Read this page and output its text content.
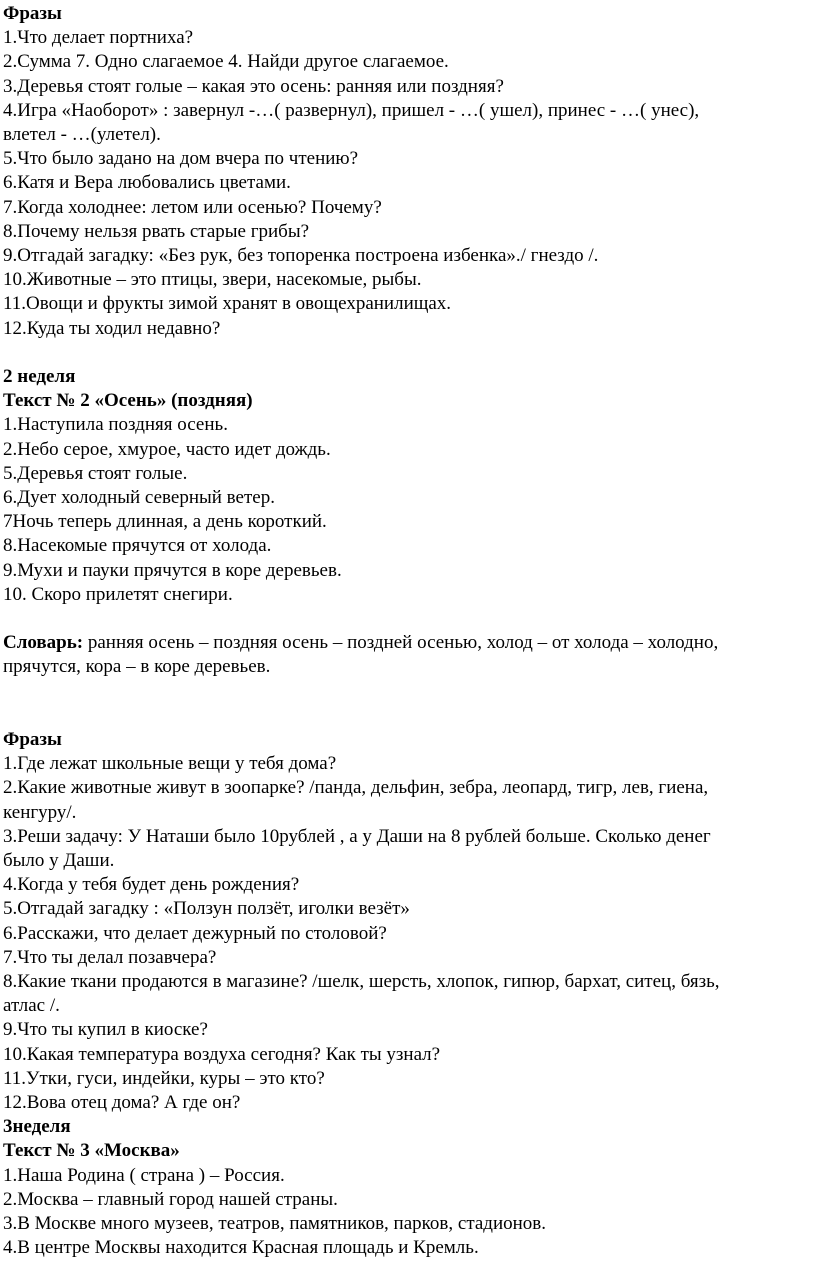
Фразы
1.Что делает портниха?
2.Сумма 7. Одно слагаемое 4. Найди другое слагаемое.
3.Деревья стоят голые – какая это осень: ранняя или поздняя?
4.Игра «Наоборот» : завернул -…( развернул), пришел - …( ушел), принес - …( унес),
влетел - …(улетел).
5.Что было задано на дом вчера по чтению?
6.Катя и Вера любовались цветами.
7.Когда холоднее: летом или осенью? Почему?
8.Почему нельзя рвать старые грибы?
9.Отгадай загадку: «Без рук, без топоренка построена избенка»./ гнездо /.
10.Животные – это птицы, звери, насекомые, рыбы.
11.Овощи и фрукты зимой хранят в овощехранилищах.
12.Куда ты ходил недавно?
2 неделя
Текст № 2 «Осень» (поздняя)
1.Наступила поздняя осень.
2.Небо серое, хмурое, часто идет дождь.
5.Деревья стоят голые.
6.Дует холодный северный ветер.
7Ночь теперь длинная, а день короткий.
8.Насекомые прячутся от холода.
9.Мухи и пауки прячутся в коре деревьев.
10. Скоро прилетят снегири.
Словарь: ранняя осень – поздняя осень – поздней осенью, холод – от холода – холодно,
прячутся, кора – в коре деревьев.
Фразы
1.Где лежат школьные вещи у тебя дома?
2.Какие животные живут в зоопарке? /панда, дельфин, зебра, леопард, тигр, лев, гиена,
кенгуру/.
3.Реши задачу: У Наташи было 10рублей , а у Даши на 8 рублей больше. Сколько денег
было у Даши.
4.Когда у тебя будет день рождения?
5.Отгадай загадку : «Ползун ползёт, иголки везёт»
6.Расскажи, что делает дежурный по столовой?
7.Что ты делал позавчера?
8.Какие ткани продаются в магазине? /шелк, шерсть, хлопок, гипюр, бархат, ситец, бязь,
атлас /.
9.Что ты купил в киоске?
10.Какая температура воздуха сегодня? Как ты узнал?
11.Утки, гуси, индейки, куры – это кто?
12.Вова отец дома? А где он?
3неделя
Текст № 3 «Москва»
1.Наша Родина ( страна ) – Россия.
2.Москва – главный город нашей страны.
3.В Москве много музеев, театров, памятников, парков, стадионов.
4.В центре Москвы находится Красная площадь и Кремль.
